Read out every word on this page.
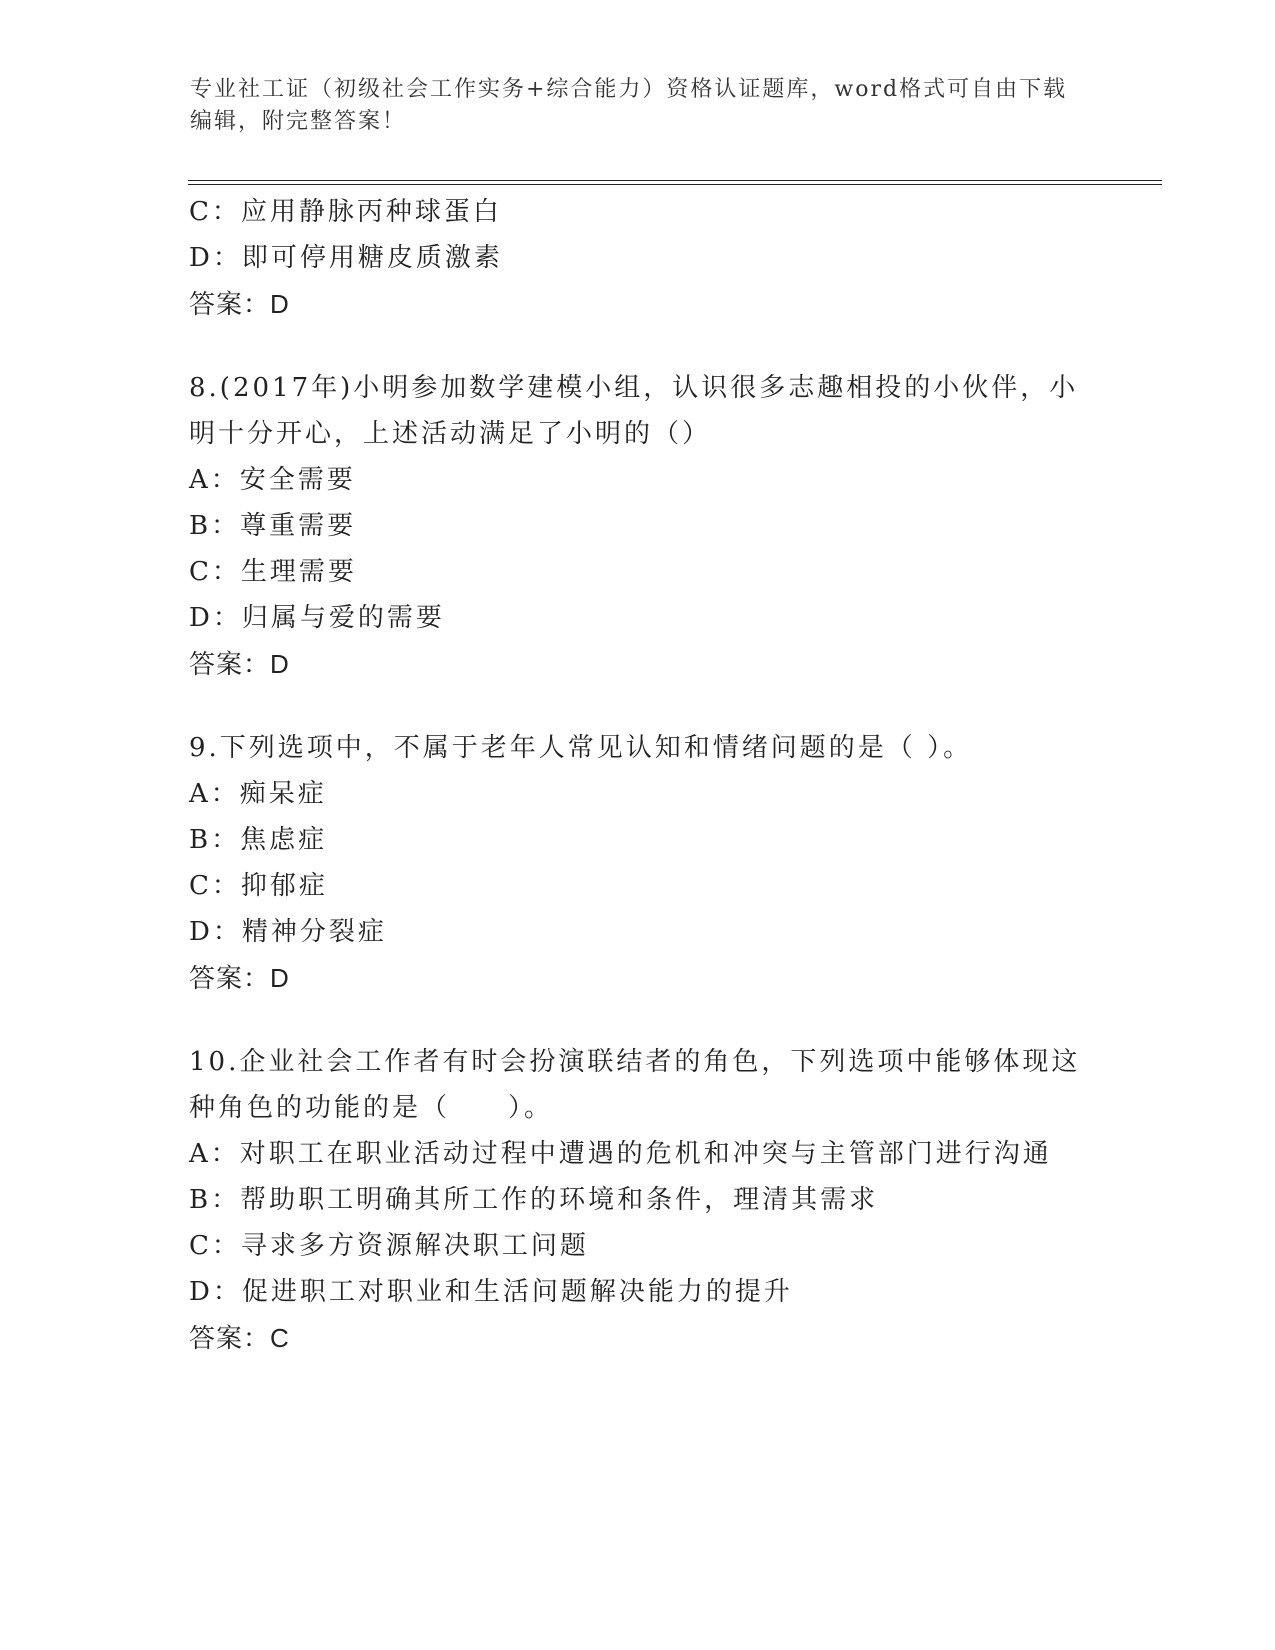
专业社工证（初级社会工作实务+综合能力）资格认证题库，word格式可自由下载
编辑，附完整答案！
C：应用静脉丙种球蛋白
D：即可停用糖皮质激素
答案：D
8.(2017年)小明参加数学建模小组，认识很多志趣相投的小伙伴，小
明十分开心，上述活动满足了小明的（）
A：安全需要
B：尊重需要
C：生理需要
D：归属与爱的需要
答案：D
9.下列选项中，不属于老年人常见认知和情绪问题的是（ ）。
A：痴呆症
B：焦虑症
C：抑郁症
D：精神分裂症
答案：D
10.企业社会工作者有时会扮演联结者的角色，下列选项中能够体现这
种角色的功能的是（　　）。
A：对职工在职业活动过程中遭遇的危机和冲突与主管部门进行沟通
B：帮助职工明确其所工作的环境和条件，理清其需求
C：寻求多方资源解决职工问题
D：促进职工对职业和生活问题解决能力的提升
答案：C
